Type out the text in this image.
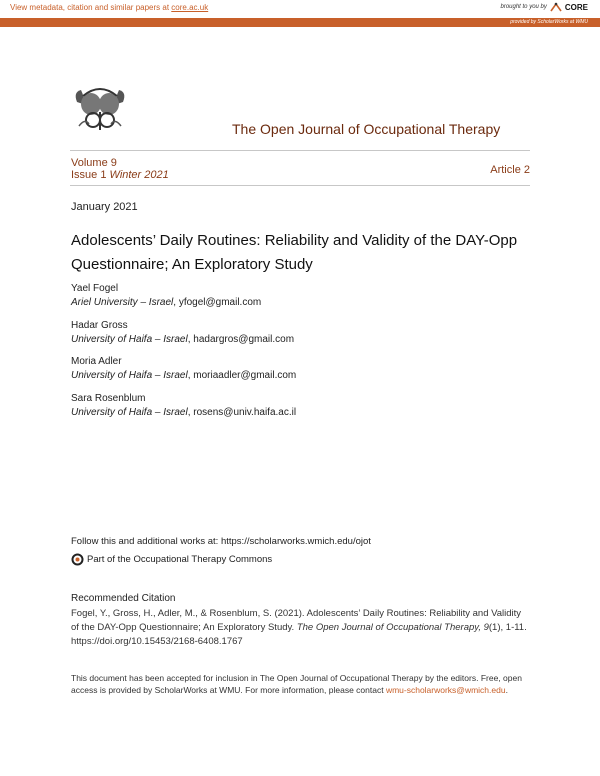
View metadata, citation and similar papers at core.ac.uk	brought to you by CORE
provided by ScholarWorks at WMU
The Open Journal of Occupational Therapy
Volume 9
Issue 1 Winter 2021	Article 2
January 2021
Adolescents’ Daily Routines: Reliability and Validity of the DAY-Opp Questionnaire; An Exploratory Study
Yael Fogel
Ariel University – Israel, yfogel@gmail.com
Hadar Gross
University of Haifa – Israel, hadargros@gmail.com
Moria Adler
University of Haifa – Israel, moriaadler@gmail.com
Sara Rosenblum
University of Haifa – Israel, rosens@univ.haifa.ac.il
Follow this and additional works at: https://scholarworks.wmich.edu/ojot
Part of the Occupational Therapy Commons
Recommended Citation
Fogel, Y., Gross, H., Adler, M., & Rosenblum, S. (2021). Adolescents’ Daily Routines: Reliability and Validity of the DAY-Opp Questionnaire; An Exploratory Study. The Open Journal of Occupational Therapy, 9(1), 1-11. https://doi.org/10.15453/2168-6408.1767
This document has been accepted for inclusion in The Open Journal of Occupational Therapy by the editors. Free, open access is provided by ScholarWorks at WMU. For more information, please contact wmu-scholarworks@wmich.edu.
